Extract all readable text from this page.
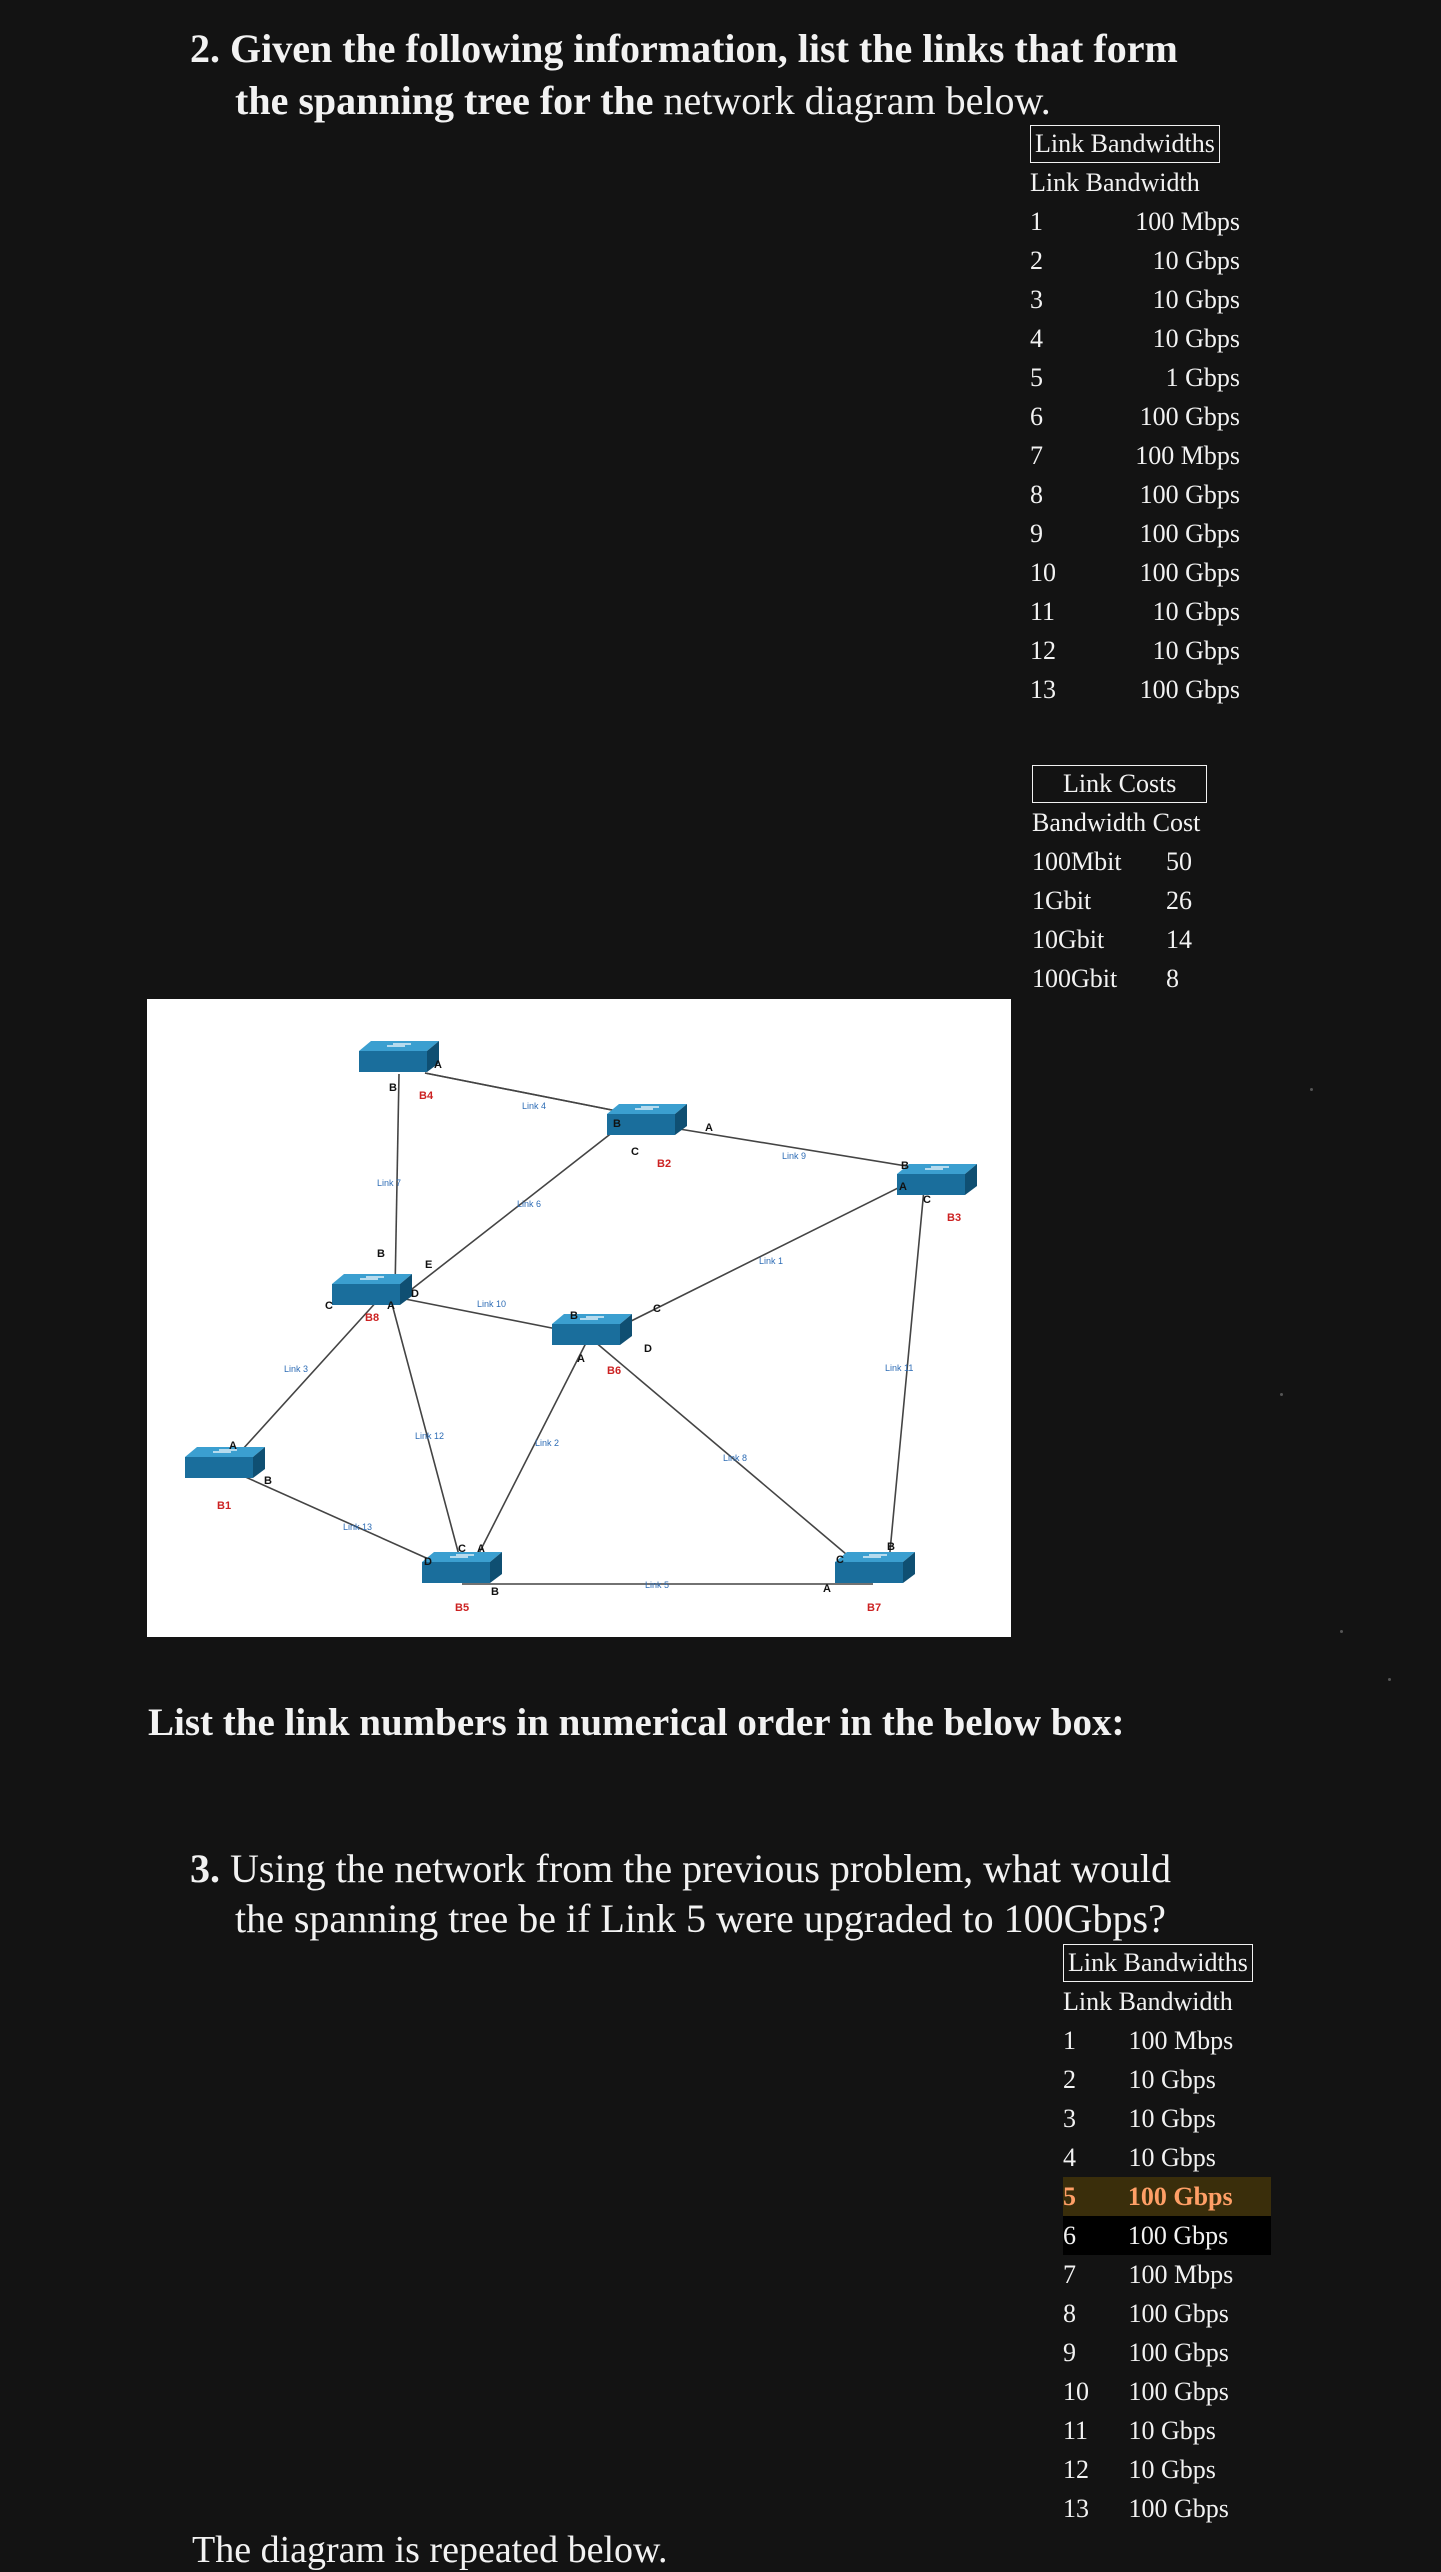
2. Given the following information, list the links that form
the spanning tree for the network diagram below.
Link Bandwidths
Link Bandwidth
1	100 Mbps
2	10 Gbps
3	10 Gbps
4	10 Gbps
5	1 Gbps
6	100 Gbps
7	100 Mbps
8	100 Gbps
9	100 Gbps
10	100 Gbps
11	10 Gbps
12	10 Gbps
13	100 Gbps
Link Costs
Bandwidth Cost
100Mbit	50
1Gbit	26
10Gbit	14
100Gbit	8
Link 4
Link 9
Link 7
Link 6
Link 1
Link 10
Link 3	Link 11
Link 12
Link 2
Link 8
Link 13
Link 5
B4
B2
B3
B8
B6
B1
B5	B7
A
B
B
C
A
B
A
C
B
E
D
A
C
B
C
D
A
A
B
C A
D
B
B
C
A
List the link numbers in numerical order in the below box:
3. Using the network from the previous problem, what would
the spanning tree be if Link 5 were upgraded to 100Gbps?
Link Bandwidths
Link Bandwidth
1	100 Mbps
2	10 Gbps
3	10 Gbps
4	10 Gbps
5	100 Gbps
6	100 Gbps
7	100 Mbps
8	100 Gbps
9	100 Gbps
10	100 Gbps
11	10 Gbps
12	10 Gbps
13	100 Gbps
The diagram is repeated below.
